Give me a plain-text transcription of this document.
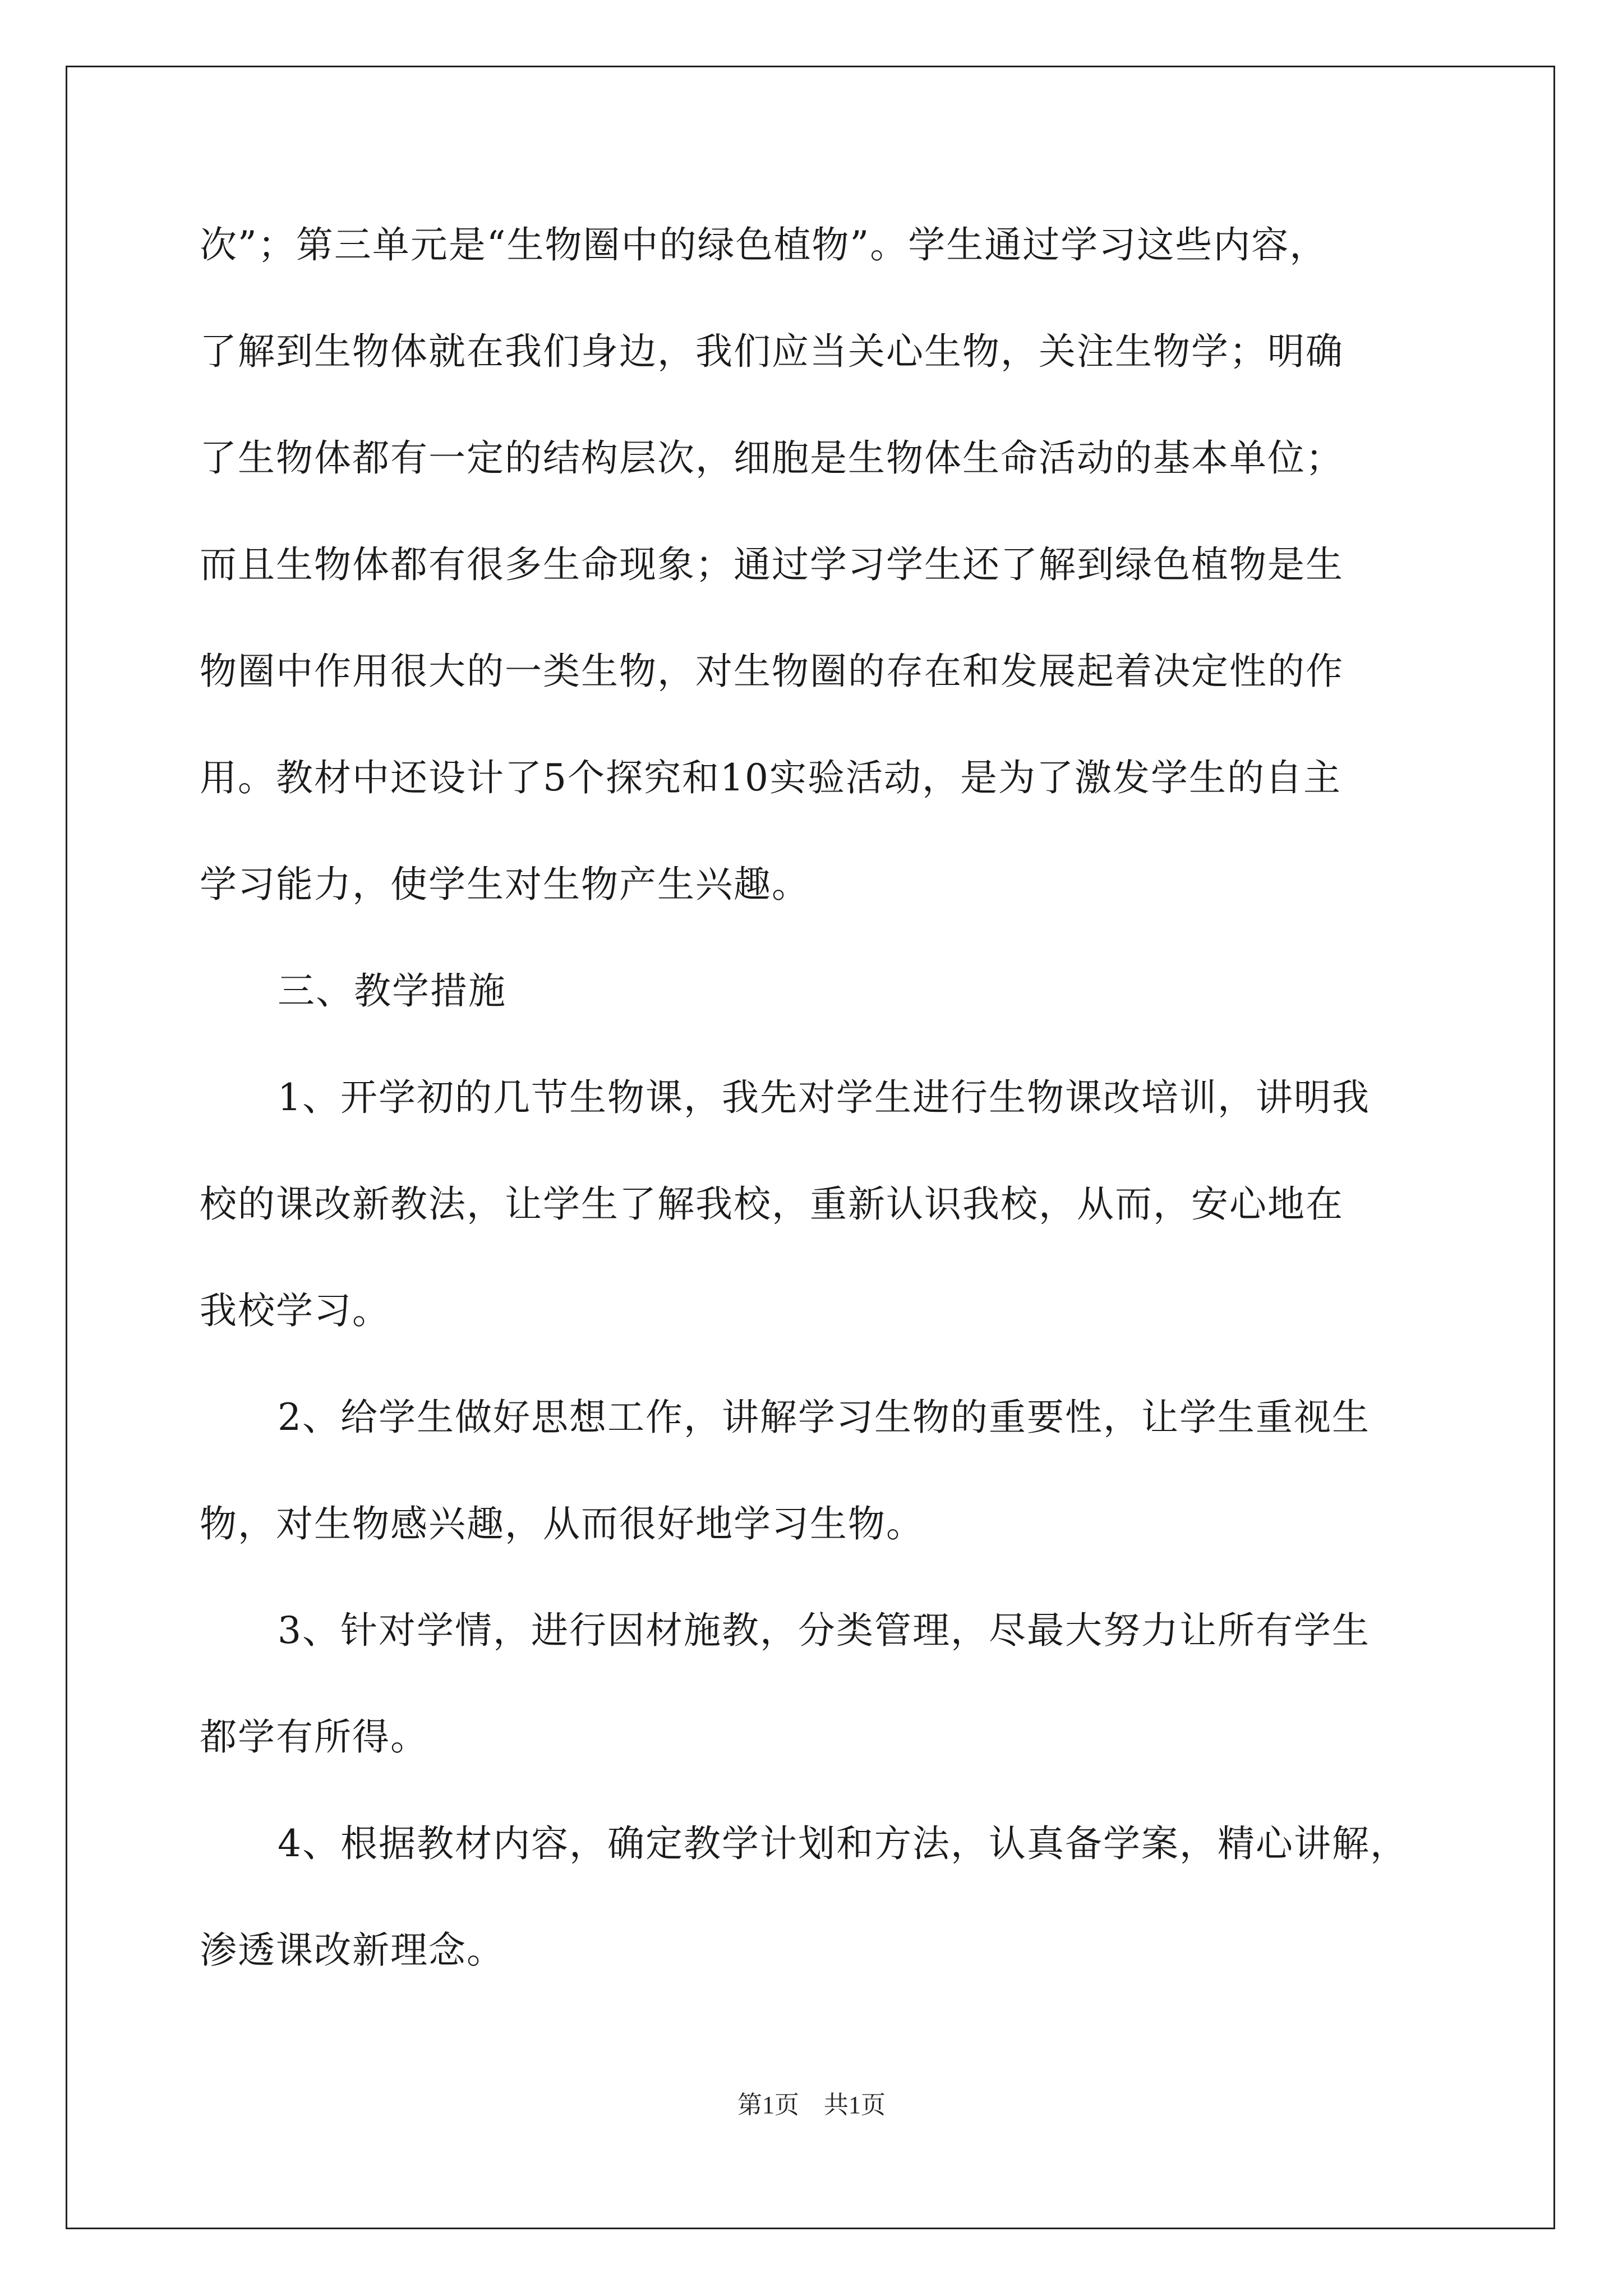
次”；第三单元是“生物圈中的绿色植物”。学生通过学习这些内容，
了解到生物体就在我们身边，我们应当关心生物，关注生物学；明确
了生物体都有一定的结构层次，细胞是生物体生命活动的基本单位；
而且生物体都有很多生命现象；通过学习学生还了解到绿色植物是生
物圈中作用很大的一类生物，对生物圈的存在和发展起着决定性的作
用。教材中还设计了5个探究和10实验活动，是为了激发学生的自主
学习能力，使学生对生物产生兴趣。
三、教学措施
1、开学初的几节生物课，我先对学生进行生物课改培训，讲明我
校的课改新教法，让学生了解我校，重新认识我校，从而，安心地在
我校学习。
2、给学生做好思想工作，讲解学习生物的重要性，让学生重视生
物，对生物感兴趣，从而很好地学习生物。
3、针对学情，进行因材施教，分类管理，尽最大努力让所有学生
都学有所得。
4、根据教材内容，确定教学计划和方法，认真备学案，精心讲解，
渗透课改新理念。
第1页　共1页
